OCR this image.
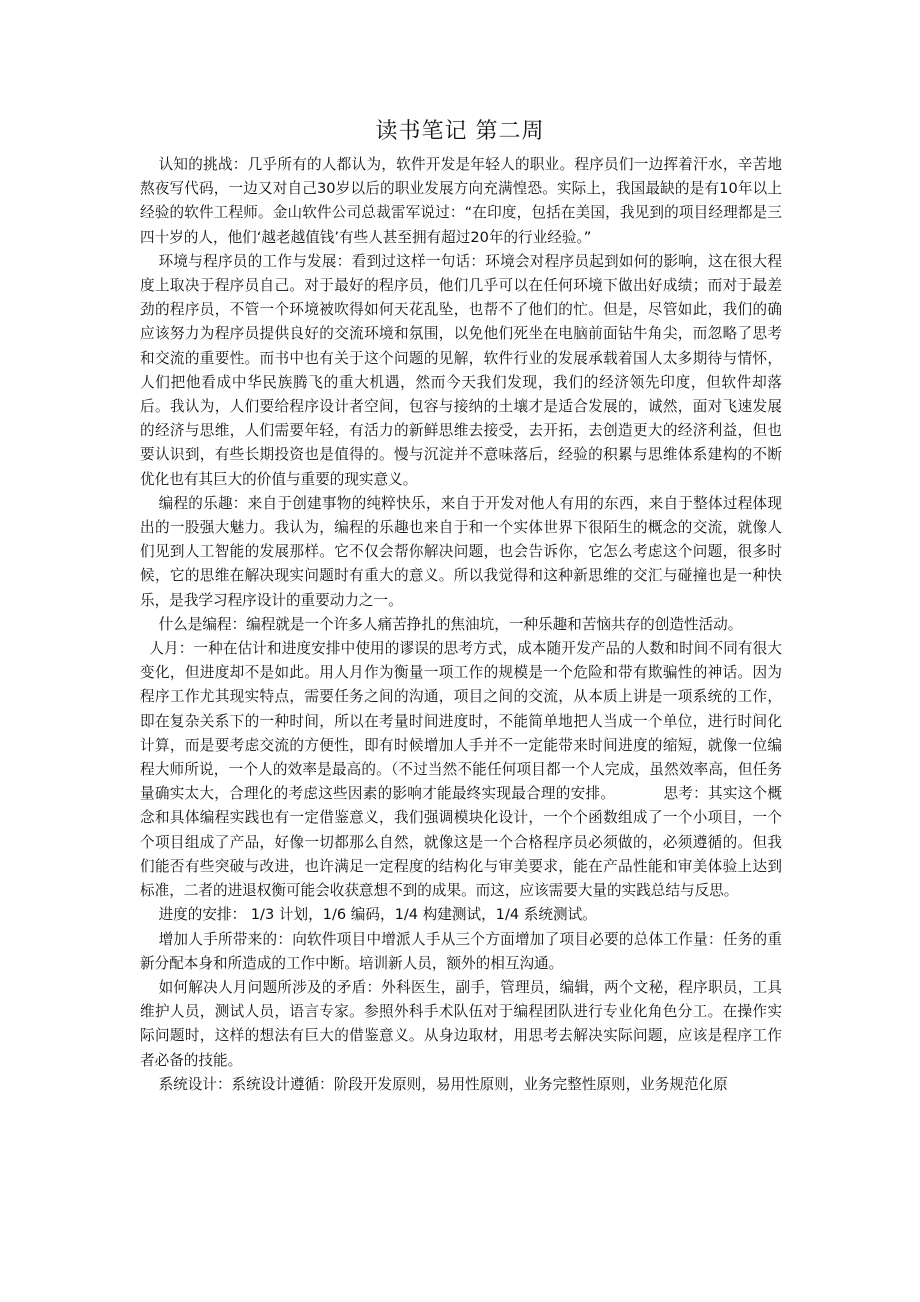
读书笔记 第二周

认知的挑战：几乎所有的人都认为，软件开发是年轻人的职业。程序员们一边挥着汗水，辛苦地熬夜写代码，一边又对自己30岁以后的职业发展方向充满惶恐。实际上，我国最缺的是有10年以上经验的软件工程师。金山软件公司总裁雷军说过：“在印度，包括在美国，我见到的项目经理都是三四十岁的人，他们‘越老越值钱’有些人甚至拥有超过20年的行业经验。”

环境与程序员的工作与发展：看到过这样一句话：环境会对程序员起到如何的影响，这在很大程度上取决于程序员自己。对于最好的程序员，他们几乎可以在任何环境下做出好成绩；而对于最差劲的程序员，不管一个环境被吹得如何天花乱坠，也帮不了他们的忙。但是，尽管如此，我们的确应该努力为程序员提供良好的交流环境和氛围，以免他们死坐在电脑前面钻牛角尖，而忽略了思考和交流的重要性。而书中也有关于这个问题的见解，软件行业的发展承载着国人太多期待与情怀，人们把他看成中华民族腾飞的重大机遇，然而今天我们发现，我们的经济领先印度，但软件却落后。我认为，人们要给程序设计者空间，包容与接纳的土壤才是适合发展的，诚然，面对飞速发展的经济与思维，人们需要年轻，有活力的新鲜思维去接受，去开拓，去创造更大的经济利益，但也要认识到，有些长期投资也是值得的。慢与沉淀并不意味落后，经验的积累与思维体系建构的不断优化也有其巨大的价值与重要的现实意义。

编程的乐趣：来自于创建事物的纯粹快乐，来自于开发对他人有用的东西，来自于整体过程体现出的一股强大魅力。我认为，编程的乐趣也来自于和一个实体世界下很陌生的概念的交流，就像人们见到人工智能的发展那样。它不仅会帮你解决问题，也会告诉你，它怎么考虑这个问题，很多时候，它的思维在解决现实问题时有重大的意义。所以我觉得和这种新思维的交汇与碰撞也是一种快乐，是我学习程序设计的重要动力之一。

什么是编程：编程就是一个许多人痛苦挣扎的焦油坑，一种乐趣和苦恼共存的创造性活动。

人月：一种在估计和进度安排中使用的谬误的思考方式，成本随开发产品的人数和时间不同有很大变化，但进度却不是如此。用人月作为衡量一项工作的规模是一个危险和带有欺骗性的神话。因为程序工作尤其现实特点，需要任务之间的沟通，项目之间的交流，从本质上讲是一项系统的工作，即在复杂关系下的一种时间，所以在考量时间进度时，不能简单地把人当成一个单位，进行时间化计算，而是要考虑交流的方便性，即有时候增加人手并不一定能带来时间进度的缩短，就像一位编程大师所说，一个人的效率是最高的。（不过当然不能任何项目都一个人完成，虽然效率高，但任务量确实太大，合理化的考虑这些因素的影响才能最终实现最合理的安排。	思考：其实这个概念和具体编程实践也有一定借鉴意义，我们强调模块化设计，一个个函数组成了一个小项目，一个个项目组成了产品，好像一切都那么自然，就像这是一个合格程序员必须做的，必须遵循的。但我们能否有些突破与改进，也许满足一定程度的结构化与审美要求，能在产品性能和审美体验上达到标准，二者的进退权衡可能会收获意想不到的成果。而这，应该需要大量的实践总结与反思。

进度的安排： 1/3 计划，1/6 编码，1/4 构建测试，1/4 系统测试。

增加人手所带来的：向软件项目中增派人手从三个方面增加了项目必要的总体工作量：任务的重新分配本身和所造成的工作中断。培训新人员，额外的相互沟通。

如何解决人月问题所涉及的矛盾：外科医生，副手，管理员，编辑，两个文秘，程序职员，工具维护人员，测试人员，语言专家。参照外科手术队伍对于编程团队进行专业化角色分工。在操作实际问题时，这样的想法有巨大的借鉴意义。从身边取材，用思考去解决实际问题，应该是程序工作者必备的技能。

系统设计：系统设计遵循：阶段开发原则，易用性原则，业务完整性原则，业务规范化原
